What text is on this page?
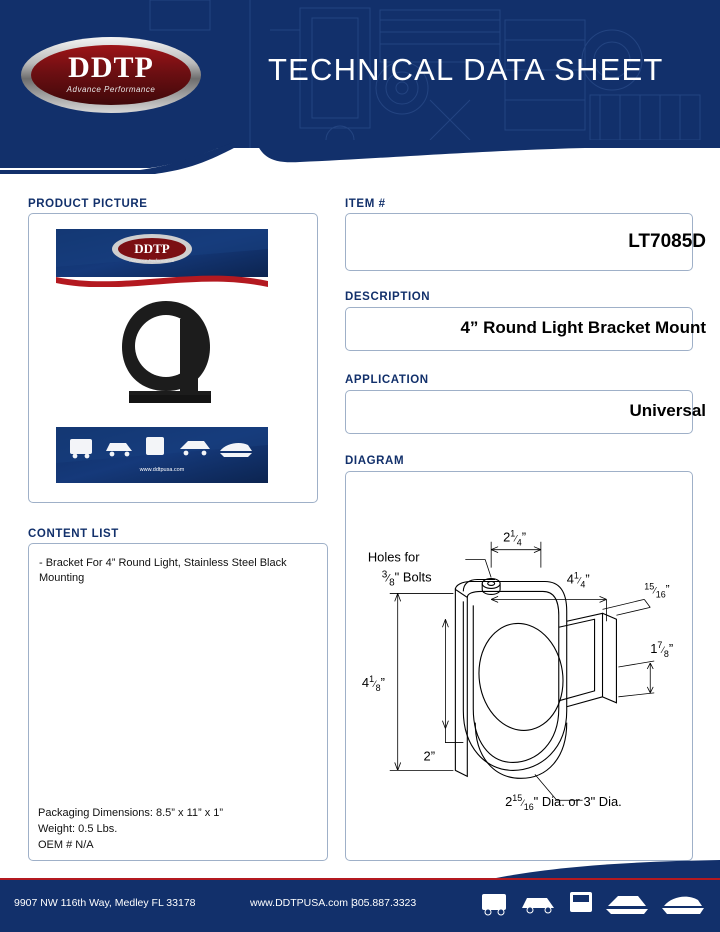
DDTP
Advance Performance
TECHNICAL DATA SHEET
PRODUCT PICTURE
DDTP
Advance Performance
www.ddtpusa.com
CONTENT LIST
- Bracket For 4” Round Light, Stainless Steel Black Mounting
Packaging Dimensions: 8.5” x 11” x 1”
Weight: 0.5 Lbs.
OEM # N/A
ITEM #
LT7085D
DESCRIPTION
4” Round Light Bracket Mount
APPLICATION
Universal
DIAGRAM
Holes for
$^3_{⁄8}$" Bolts
$2^1_{⁄4}$”
$4^1_{⁄4}$”	$^{15}_{⁄16}$”
$1^7_{⁄8}$”
$4^1_{⁄8}$”
2”
$2^{15}_{⁄16}$" Dia. or 3" Dia.
9907 NW 116th Way, Medley FL 33178	www.DDTPUSA.com |
305.887.3323
